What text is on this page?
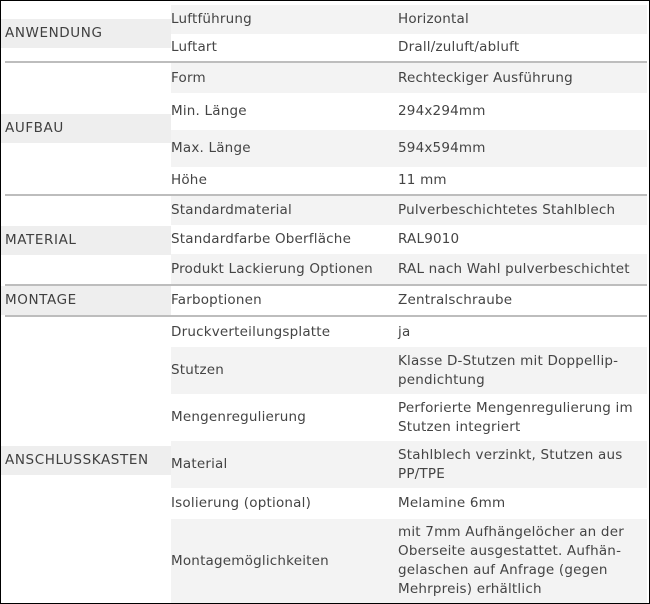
ANWENDUNG	Luftführung	Horizontal
	Luftart	Drall/zuluft/abluft

AUFBAU	Form	Rechteckiger Ausführung
	Min. Länge	294x294mm
	Max. Länge	594x594mm
	Höhe	11 mm

MATERIAL	Standardmaterial	Pulverbeschichtetes Stahlblech
	Standardfarbe Oberfläche	RAL9010
	Produkt Lackierung Optionen	RAL nach Wahl pulverbeschichtet

MONTAGE	Farboptionen	Zentralschraube

ANSCHLUSSKASTEN	Druckverteilungsplatte	ja
	Stutzen	Klasse D-Stutzen mit Doppellip-pendichtung
	Mengenregulierung	Perforierte Mengenregulierung im Stutzen integriert
	Material	Stahlblech verzinkt, Stutzen aus PP/TPE
	Isolierung (optional)	Melamine 6mm
	Montagemöglichkeiten	mit 7mm Aufhängelöcher an der Oberseite ausgestattet. Aufhän-gelaschen auf Anfrage (gegen Mehrpreis) erhältlich
